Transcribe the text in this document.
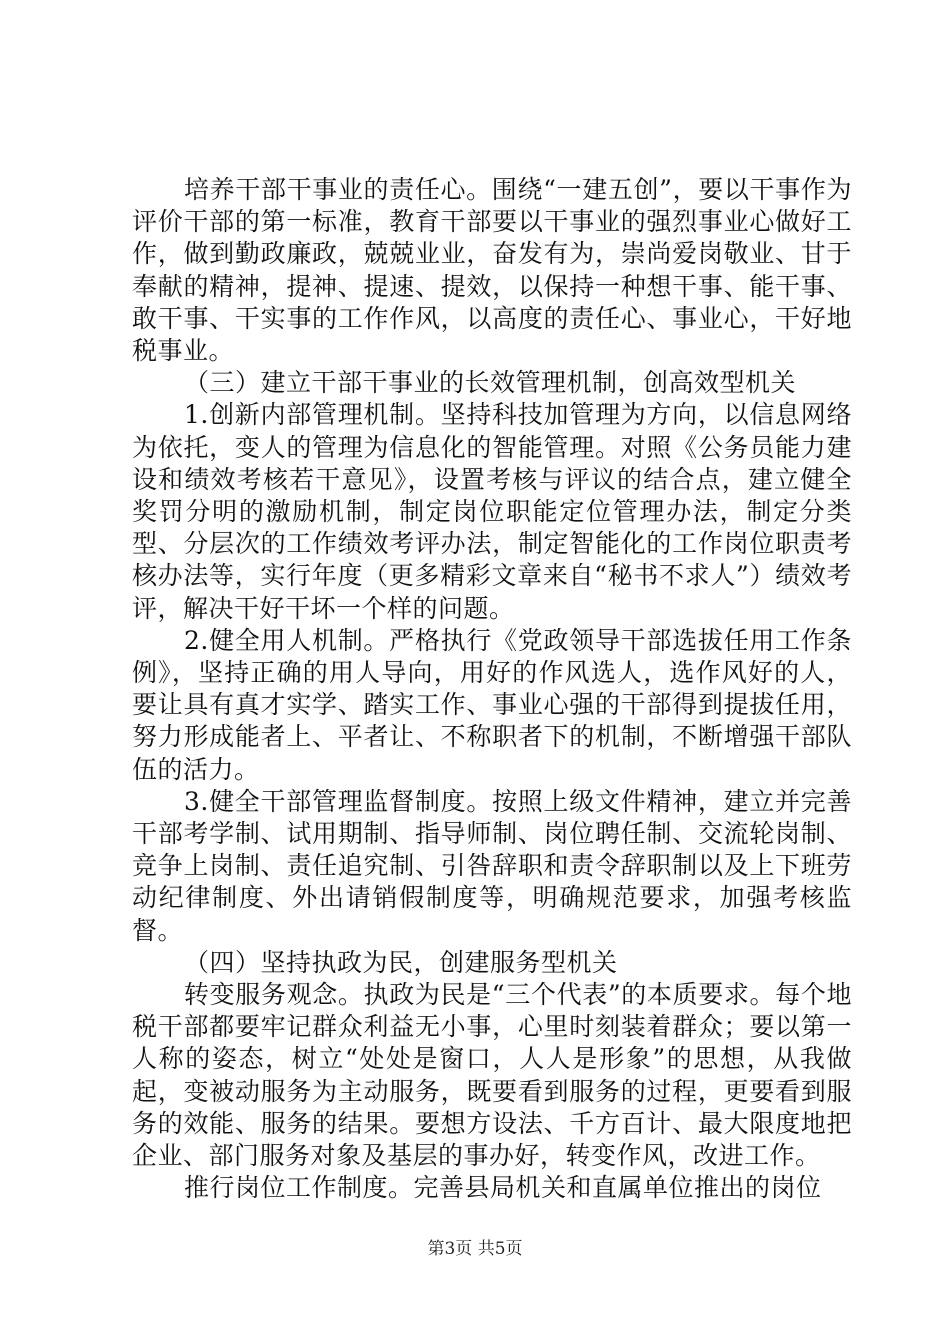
培养干部干事业的责任心。围绕“一建五创”，要以干事作为评价干部的第一标准，教育干部要以干事业的强烈事业心做好工作，做到勤政廉政，兢兢业业，奋发有为，崇尚爱岗敬业、甘于奉献的精神，提神、提速、提效，以保持一种想干事、能干事、敢干事、干实事的工作作风，以高度的责任心、事业心，干好地税事业。

（三）建立干部干事业的长效管理机制，创高效型机关

1.创新内部管理机制。坚持科技加管理为方向，以信息网络为依托，变人的管理为信息化的智能管理。对照《公务员能力建设和绩效考核若干意见》，设置考核与评议的结合点，建立健全奖罚分明的激励机制，制定岗位职能定位管理办法，制定分类型、分层次的工作绩效考评办法，制定智能化的工作岗位职责考核办法等，实行年度（更多精彩文章来自“秘书不求人”）绩效考评，解决干好干坏一个样的问题。

2.健全用人机制。严格执行《党政领导干部选拔任用工作条例》，坚持正确的用人导向，用好的作风选人，选作风好的人，要让具有真才实学、踏实工作、事业心强的干部得到提拔任用，努力形成能者上、平者让、不称职者下的机制，不断增强干部队伍的活力。

3.健全干部管理监督制度。按照上级文件精神，建立并完善干部考学制、试用期制、指导师制、岗位聘任制、交流轮岗制、竞争上岗制、责任追究制、引咎辞职和责令辞职制以及上下班劳动纪律制度、外出请销假制度等，明确规范要求，加强考核监督。

（四）坚持执政为民，创建服务型机关

转变服务观念。执政为民是“三个代表”的本质要求。每个地税干部都要牢记群众利益无小事，心里时刻装着群众；要以第一人称的姿态，树立“处处是窗口，人人是形象”的思想，从我做起，变被动服务为主动服务，既要看到服务的过程，更要看到服务的效能、服务的结果。要想方设法、千方百计、最大限度地把企业、部门服务对象及基层的事办好，转变作风，改进工作。

推行岗位工作制度。完善县局机关和直属单位推出的岗位

第3页 共5页
